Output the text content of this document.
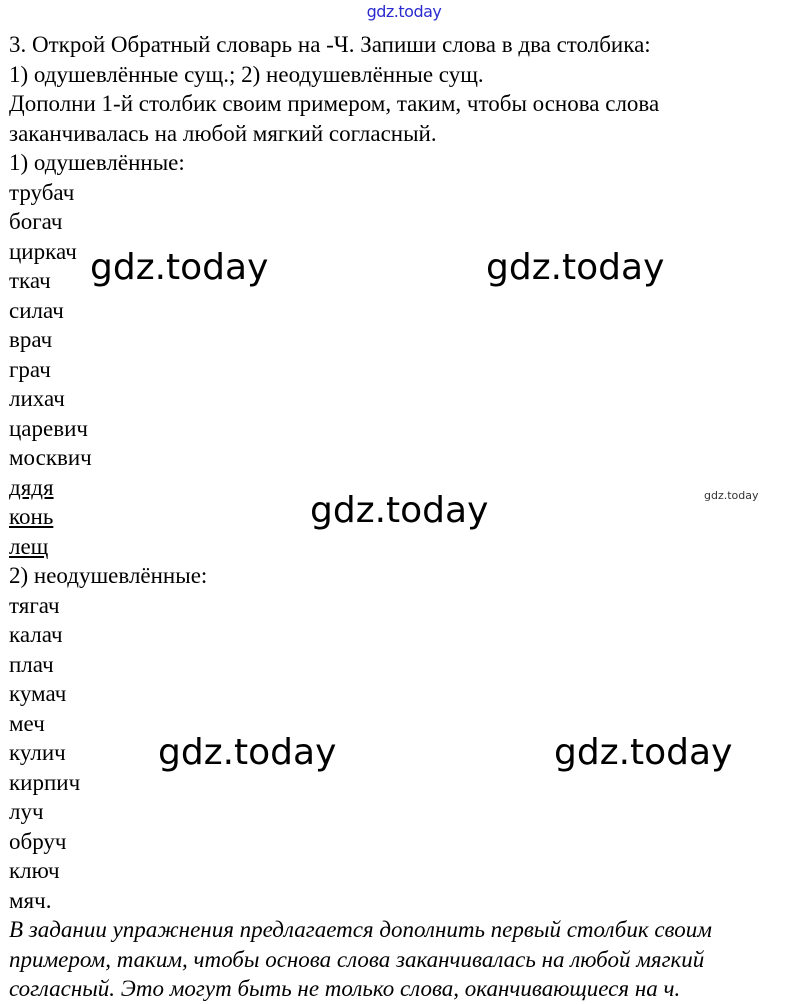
gdz.today
3. Открой Обратный словарь на -Ч. Запиши слова в два столбика:
1) одушевлённые сущ.; 2) неодушевлённые сущ.
Дополни 1-й столбик своим примером, таким, чтобы основа слова
заканчивалась на любой мягкий согласный.
1) одушевлённые:
трубач
богач
циркач
ткач
силач
врач
грач
лихач
царевич
москвич
дядя
конь
лещ
2) неодушевлённые:
тягач
калач
плач
кумач
меч
кулич
кирпич
луч
обруч
ключ
мяч.
В задании упражнения предлагается дополнить первый столбик своим
примером, таким, чтобы основа слова заканчивалась на любой мягкий
согласный. Это могут быть не только слова, оканчивающиеся на ч.
gdz.today	gdz.today
gdz.today	gdz.today
gdz.today	gdz.today
